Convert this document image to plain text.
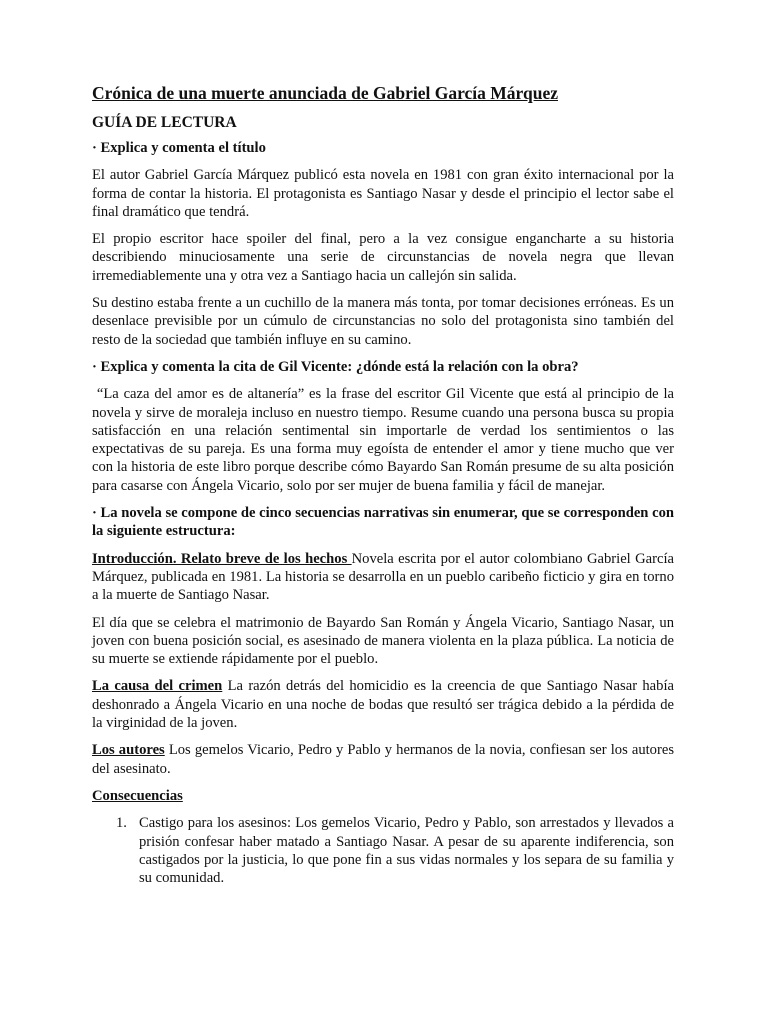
Crónica de una muerte anunciada de Gabriel García Márquez
GUÍA DE LECTURA
· Explica y comenta el título

El autor Gabriel García Márquez publicó esta novela en 1981 con gran éxito internacional por la forma de contar la historia. El protagonista es Santiago Nasar y desde el principio el lector sabe el final dramático que tendrá.

El propio escritor hace spoiler del final, pero a la vez consigue engancharte a su historia describiendo minuciosamente una serie de circunstancias de novela negra que llevan irremediablemente una y otra vez a Santiago hacia un callejón sin salida.

Su destino estaba frente a un cuchillo de la manera más tonta, por tomar decisiones erróneas. Es un desenlace previsible por un cúmulo de circunstancias no solo del protagonista sino también del resto de la sociedad que también influye en su camino.

· Explica y comenta la cita de Gil Vicente: ¿dónde está la relación con la obra?

“La caza del amor es de altanería” es la frase del escritor Gil Vicente que está al principio de la novela y sirve de moraleja incluso en nuestro tiempo. Resume cuando una persona busca su propia satisfacción en una relación sentimental sin importarle de verdad los sentimientos o las expectativas de su pareja. Es una forma muy egoísta de entender el amor y tiene mucho que ver con la historia de este libro porque describe cómo Bayardo San Román presume de su alta posición para casarse con Ángela Vicario, solo por ser mujer de buena familia y fácil de manejar.

· La novela se compone de cinco secuencias narrativas sin enumerar, que se corresponden con la siguiente estructura:

Introducción. Relato breve de los hechos Novela escrita por el autor colombiano Gabriel García Márquez, publicada en 1981. La historia se desarrolla en un pueblo caribeño ficticio y gira en torno a la muerte de Santiago Nasar.

El día que se celebra el matrimonio de Bayardo San Román y Ángela Vicario, Santiago Nasar, un joven con buena posición social, es asesinado de manera violenta en la plaza pública. La noticia de su muerte se extiende rápidamente por el pueblo.

La causa del crimen La razón detrás del homicidio es la creencia de que Santiago Nasar había deshonrado a Ángela Vicario en una noche de bodas que resultó ser trágica debido a la pérdida de la virginidad de la joven.

Los autores Los gemelos Vicario, Pedro y Pablo y hermanos de la novia, confiesan ser los autores del asesinato.

Consecuencias

1. Castigo para los asesinos: Los gemelos Vicario, Pedro y Pablo, son arrestados y llevados a prisión confesar haber matado a Santiago Nasar. A pesar de su aparente indiferencia, son castigados por la justicia, lo que pone fin a sus vidas normales y los separa de su familia y su comunidad.
